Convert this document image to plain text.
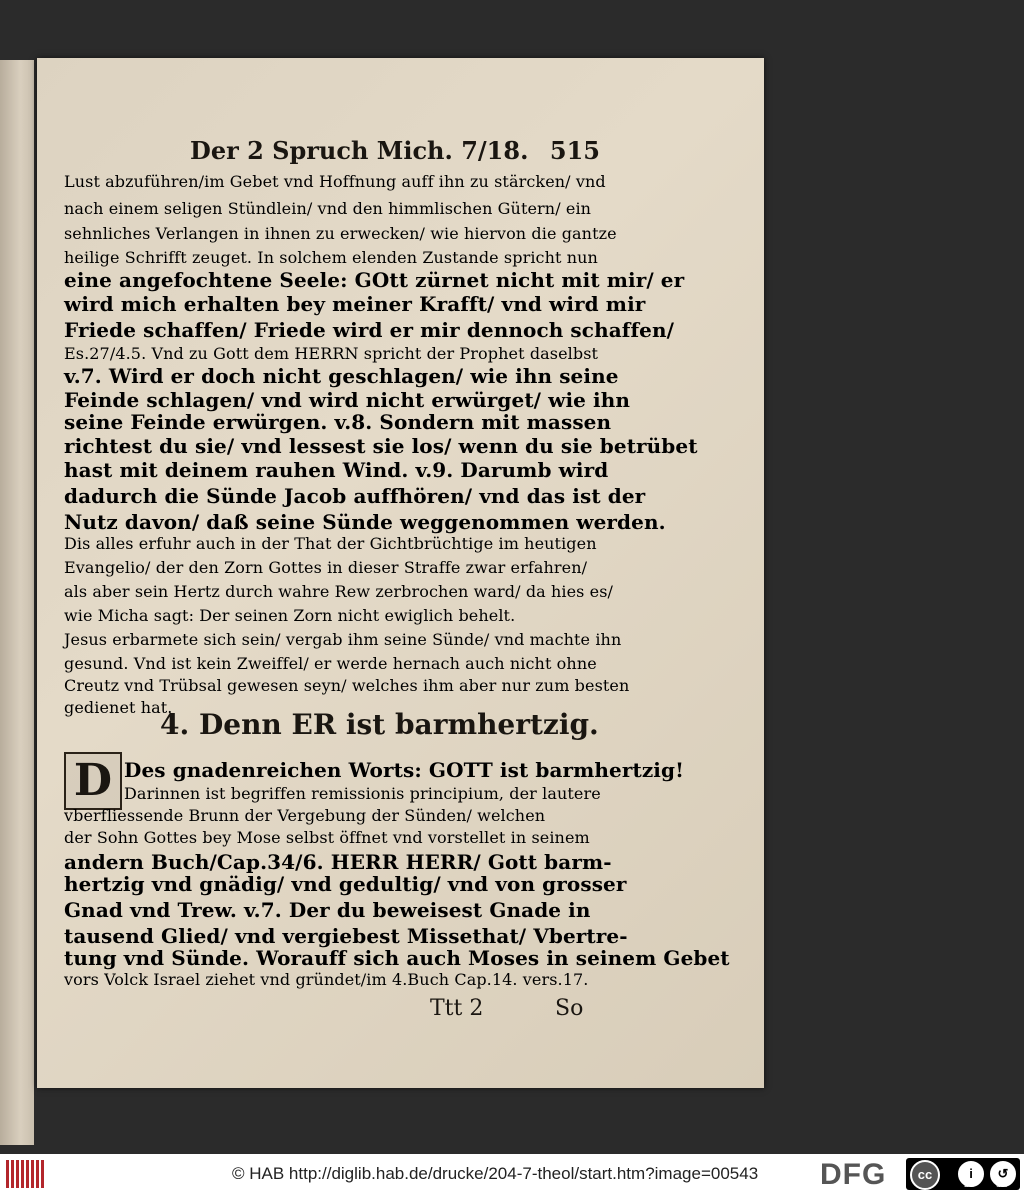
Der 2 Spruch Mich. 7/18. 515
Lust abzuführen/im Gebet vnd Hoffnung auff ihn zu stärcken/ vnd
nach einem seligen Stündlein/ vnd den himmlischen Gütern/ ein
sehnliches Verlangen in ihnen zu erwecken/ wie hiervon die gantze
heilige Schrifft zeuget. In solchem elenden Zustande spricht nun
eine angefochtene Seele: GOtt zürnet nicht mit mir/ er
wird mich erhalten bey meiner Krafft/ vnd wird mir
Friede schaffen/ Friede wird er mir dennoch schaffen/
Es.27/4.5. Vnd zu Gott dem HERRN spricht der Prophet daselbst
v.7. Wird er doch nicht geschlagen/ wie ihn seine
Feinde schlagen/ vnd wird nicht erwürget/ wie ihn
seine Feinde erwürgen. v.8. Sondern mit massen
richtest du sie/ vnd lessest sie los/ wenn du sie betrübet
hast mit deinem rauhen Wind. v.9. Darumb wird
dadurch die Sünde Jacob auffhören/ vnd das ist der
Nutz davon/ daß seine Sünde weggenommen werden.
Dis alles erfuhr auch in der That der Gichtbrüchtige im heutigen
Evangelio/ der den Zorn Gottes in dieser Straffe zwar erfahren/
als aber sein Hertz durch wahre Rew zerbrochen ward/ da hies es/
wie Micha sagt: Der seinen Zorn nicht ewiglich behelt.
Jesus erbarmete sich sein/ vergab ihm seine Sünde/ vnd machte ihn
gesund. Vnd ist kein Zweiffel/ er werde hernach auch nicht ohne
Creutz vnd Trübsal gewesen seyn/ welches ihm aber nur zum besten
gedienet hat.
4. Denn ER ist barmhertzig.
D Des gnadenreichen Worts: GOTT ist barmhertzig!
Darinnen ist begriffen remissionis principium, der lautere
vberfliessende Brunn der Vergebung der Sünden/ welchen
der Sohn Gottes bey Mose selbst öffnet vnd vorstellet in seinem
andern Buch/Cap.34/6. HERR HERR/ Gott barm-
hertzig vnd gnädig/ vnd gedultig/ vnd von grosser
Gnad vnd Trew. v.7. Der du beweisest Gnade in
tausend Glied/ vnd vergiebest Missethat/ Vbertre-
tung vnd Sünde. Worauff sich auch Moses in seinem Gebet
vors Volck Israel ziehet vnd gründet/im 4.Buch Cap.14. vers.17.
Ttt 2	So
© HAB http://diglib.hab.de/drucke/204-7-theol/start.htm?image=00543 DFG	cc	i	↺
BY	SA
